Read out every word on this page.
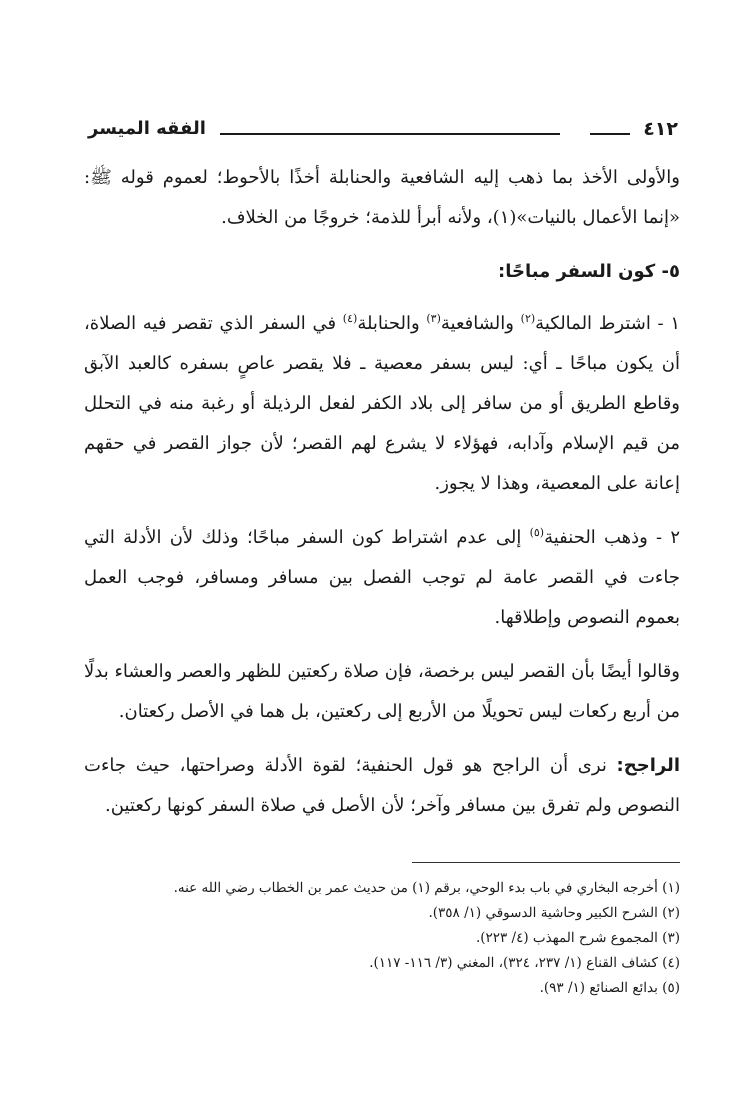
٤١٢
الفقه الميسر

والأولى الأخذ بما ذهب إليه الشافعية والحنابلة أخذًا بالأحوط؛ لعموم قوله ﷺ: «إنما الأعمال بالنيات»(١)، ولأنه أبرأ للذمة؛ خروجًا من الخلاف.

٥- كون السفر مباحًا:

١ - اشترط المالكية$^{(٢)}$ والشافعية$^{(٣)}$ والحنابلة$^{(٤)}$ في السفر الذي تقصر فيه الصلاة، أن يكون مباحًا ـ أي: ليس بسفر معصية ـ فلا يقصر عاصٍ بسفره كالعبد الآبق وقاطع الطريق أو من سافر إلى بلاد الكفر لفعل الرذيلة أو رغبة منه في التحلل من قيم الإسلام وآدابه، فهؤلاء لا يشرع لهم القصر؛ لأن جواز القصر في حقهم إعانة على المعصية، وهذا لا يجوز.

٢ - وذهب الحنفية$^{(٥)}$ إلى عدم اشتراط كون السفر مباحًا؛ وذلك لأن الأدلة التي جاءت في القصر عامة لم توجب الفصل بين مسافر ومسافر، فوجب العمل بعموم النصوص وإطلاقها.

وقالوا أيضًا بأن القصر ليس برخصة، فإن صلاة ركعتين للظهر والعصر والعشاء بدلًا من أربع ركعات ليس تحويلًا من الأربع إلى ركعتين، بل هما في الأصل ركعتان.

الراجح: نرى أن الراجح هو قول الحنفية؛ لقوة الأدلة وصراحتها، حيث جاءت النصوص ولم تفرق بين مسافر وآخر؛ لأن الأصل في صلاة السفر كونها ركعتين.

(١) أخرجه البخاري في باب بدء الوحي، برقم (١) من حديث عمر بن الخطاب رضي الله عنه.
(٢) الشرح الكبير وحاشية الدسوقي (١/ ٣٥٨).
(٣) المجموع شرح المهذب (٤/ ٢٢٣).
(٤) كشاف القناع (١/ ٢٣٧، ٣٢٤)، المغني (٣/ ١١٦- ١١٧).
(٥) بدائع الصنائع (١/ ٩٣).
